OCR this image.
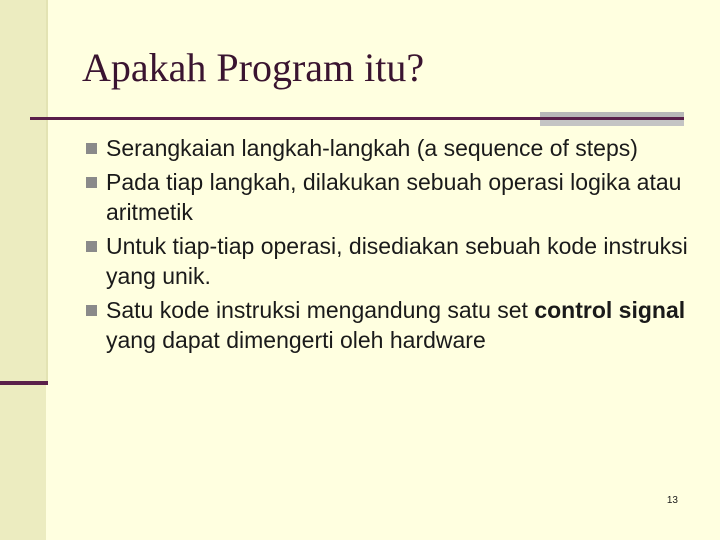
Apakah Program itu?
Serangkaian langkah-langkah (a sequence of steps)
Pada tiap langkah, dilakukan sebuah operasi logika atau aritmetik
Untuk tiap-tiap operasi, disediakan sebuah kode instruksi yang unik.
Satu kode instruksi mengandung satu set control signal yang dapat dimengerti oleh hardware
13
